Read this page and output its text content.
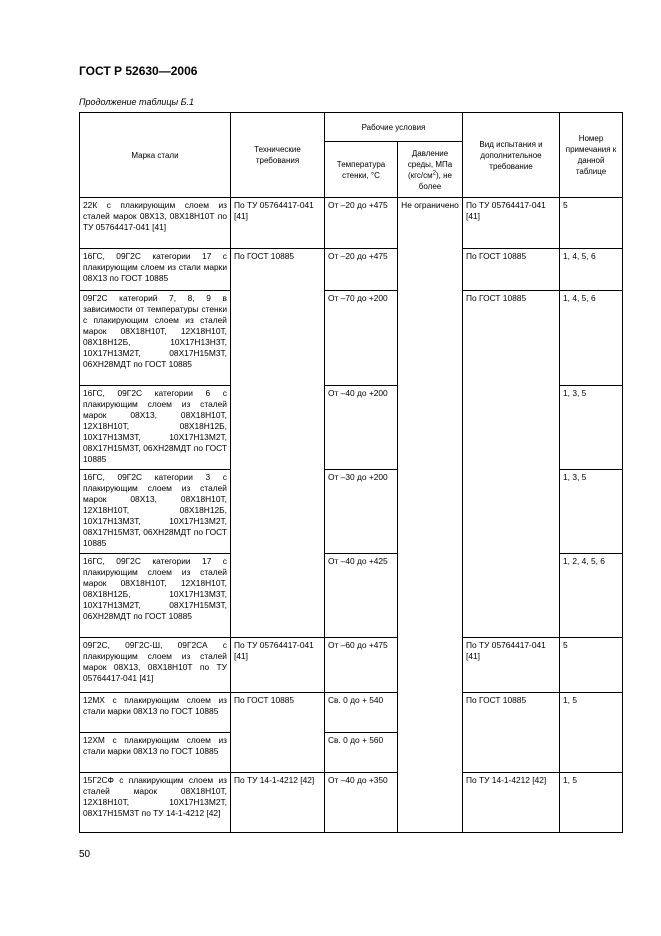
ГОСТ Р 52630—2006
Продолжение таблицы Б.1
Марка стали	Технические требования	Рабочие условия		Вид испытания и дополнительное требование	Номер примечания к данной таблице
		Температура стенки, °С	Давление среды, МПа $(кгс/см^2)$, не более		
22К с плакирующим слоем из сталей марок 08Х13, 08Х18Н10Т по ТУ 05764417-041 [41]	По ТУ 05764417-041 [41]	От –20 до +475	Не ограничено	По ТУ 05764417-041 [41]	5
16ГС, 09Г2С категории 17 с плакирующим слоем из стали марки 08Х13 по ГОСТ 10885	По ГОСТ 10885	От –20 до +475		По ГОСТ 10885	1, 4, 5, 6
09Г2С категорий 7, 8, 9 в зависимости от температуры стенки с плакирующим слоем из сталей марок 08Х18Н10Т, 12Х18Н10Т, 08Х18Н12Б, 10Х17Н13Н3Т, 10Х17Н13М2Т, 08Х17Н15М3Т, 06ХН28МДТ по ГОСТ 10885		От –70 до +200		По ГОСТ 10885	1, 4, 5, 6
16ГС, 09Г2С категории 6 с плакирующим слоем из сталей марок 08Х13, 08Х18Н10Т, 12Х18Н10Т, 08Х18Н12Б, 10Х17Н13М3Т, 10Х17Н13М2Т, 08Х17Н15М3Т, 06ХН28МДТ по ГОСТ 10885		От –40 до +200			1, 3, 5
16ГС, 09Г2С категории 3 с плакирующим слоем из сталей марок 08Х13, 08Х18Н10Т, 12Х18Н10Т, 08Х18Н12Б, 10Х17Н13М3Т, 10Х17Н13М2Т, 08Х17Н15М3Т, 06ХН28МДТ по ГОСТ 10885		От –30 до +200			1, 3, 5
16ГС, 09Г2С категории 17 с плакирующим слоем из сталей марок 08Х18Н10Т, 12Х18Н10Т, 08Х18Н12Б, 10Х17Н13М3Т, 10Х17Н13М2Т, 08Х17Н15М3Т, 06ХН28МДТ по ГОСТ 10885		От –40 до +425			1, 2, 4, 5, 6
09Г2С, 09Г2С-Ш, 09Г2СА с плакирующим слоем из сталей марок 08Х13, 08Х18Н10Т по ТУ 05764417-041 [41]	По ТУ 05764417-041 [41]	От –60 до +475		По ТУ 05764417-041 [41]	5
12МХ с плакирующим слоем из стали марки 08Х13 по ГОСТ 10885	По ГОСТ 10885	Св. 0 до + 540		По ГОСТ 10885	1, 5
12ХМ с плакирующим слоем из стали марки 08Х13 по ГОСТ 10885		Св. 0 до + 560			
15Г2СФ с плакирующим слоем из сталей марок 08Х18Н10Т, 12Х18Н10Т, 10Х17Н13М2Т, 08Х17Н15М3Т по ТУ 14-1-4212 [42]	По ТУ 14-1-4212 [42]	От –40 до +350		По ТУ 14-1-4212 [42]	1, 5
50
